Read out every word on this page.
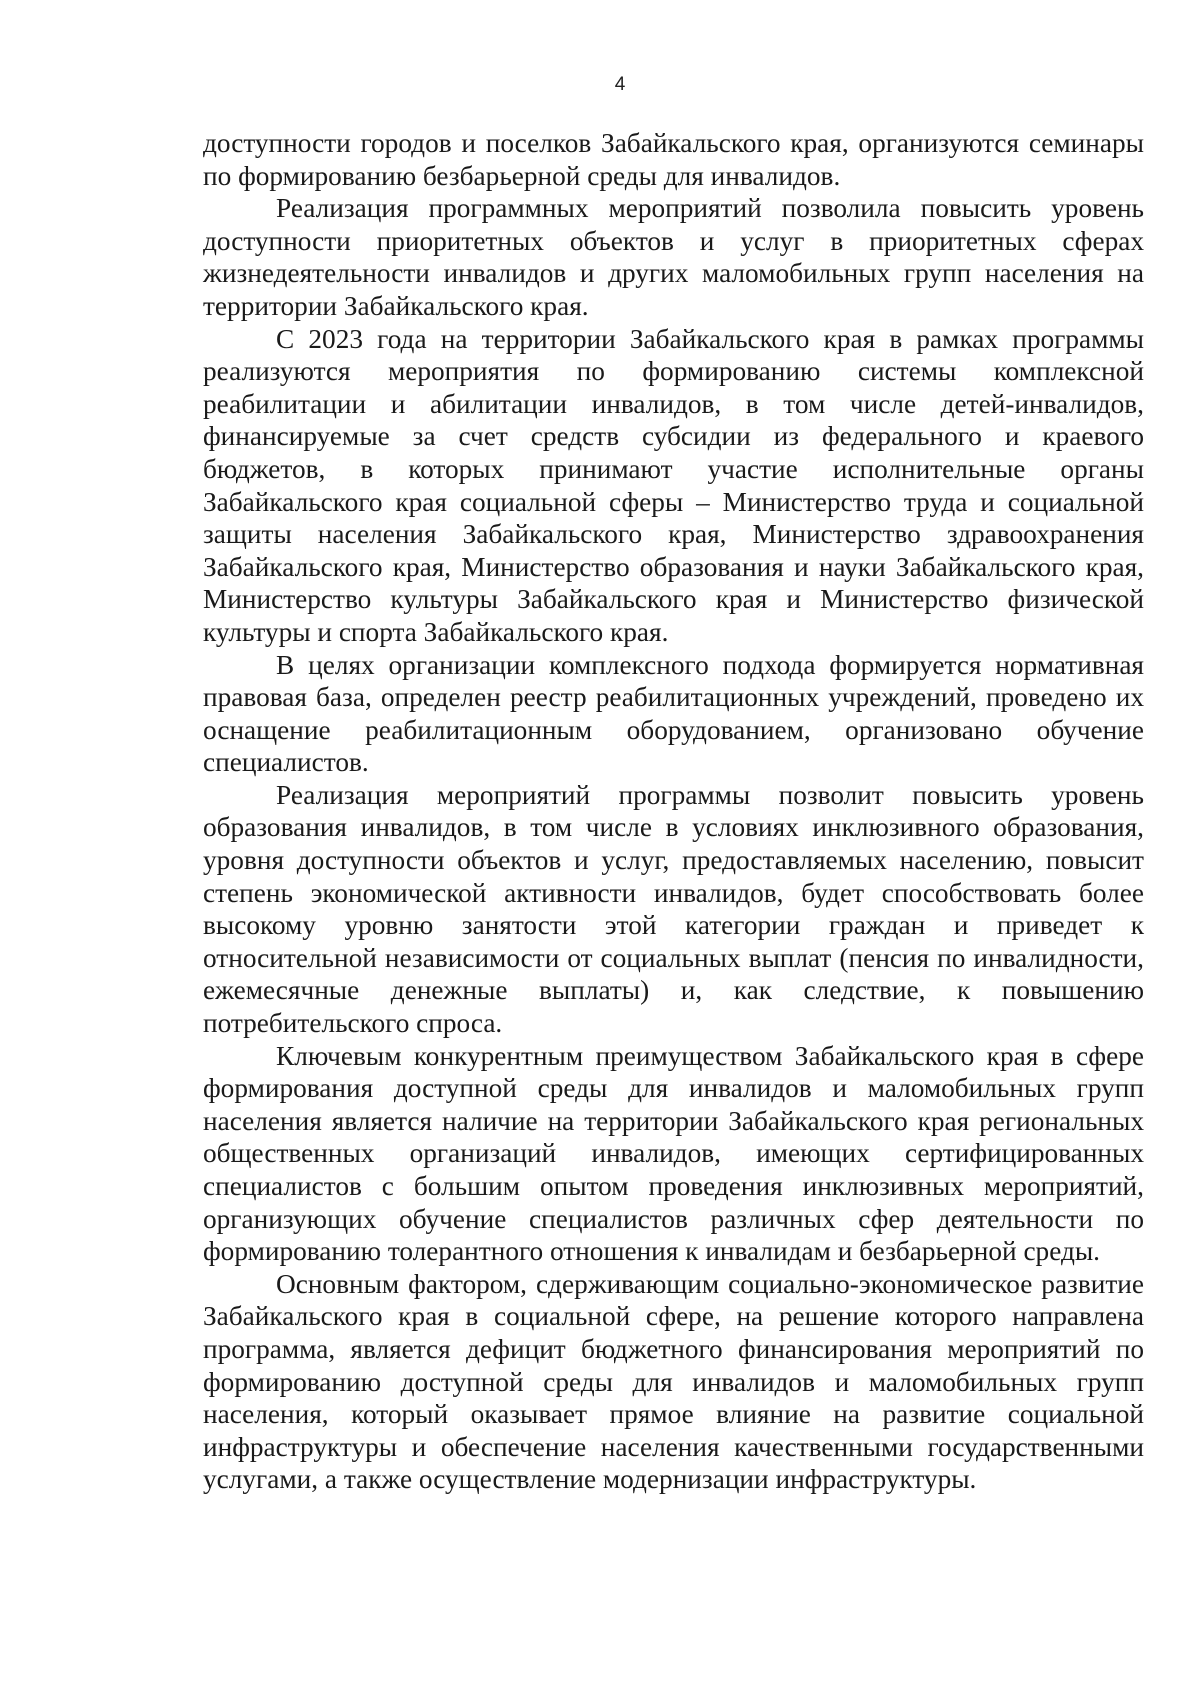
4

доступности городов и поселков Забайкальского края, организуются семинары по формированию безбарьерной среды для инвалидов.

Реализация программных мероприятий позволила повысить уровень доступности приоритетных объектов и услуг в приоритетных сферах жизнедеятельности инвалидов и других маломобильных групп населения на территории Забайкальского края.

С 2023 года на территории Забайкальского края в рамках программы реализуются мероприятия по формированию системы комплексной реабилитации и абилитации инвалидов, в том числе детей-инвалидов, финансируемые за счет средств субсидии из федерального и краевого бюджетов, в которых принимают участие исполнительные органы Забайкальского края социальной сферы – Министерство труда и социальной защиты населения Забайкальского края, Министерство здравоохранения Забайкальского края, Министерство образования и науки Забайкальского края, Министерство культуры Забайкальского края и Министерство физической культуры и спорта Забайкальского края.

В целях организации комплексного подхода формируется нормативная правовая база, определен реестр реабилитационных учреждений, проведено их оснащение реабилитационным оборудованием, организовано обучение специалистов.

Реализация мероприятий программы позволит повысить уровень образования инвалидов, в том числе в условиях инклюзивного образования, уровня доступности объектов и услуг, предоставляемых населению, повысит степень экономической активности инвалидов, будет способствовать более высокому уровню занятости этой категории граждан и приведет к относительной независимости от социальных выплат (пенсия по инвалидности, ежемесячные денежные выплаты) и, как следствие, к повышению потребительского спроса.

Ключевым конкурентным преимуществом Забайкальского края в сфере формирования доступной среды для инвалидов и маломобильных групп населения является наличие на территории Забайкальского края региональных общественных организаций инвалидов, имеющих сертифицированных специалистов с большим опытом проведения инклюзивных мероприятий, организующих обучение специалистов различных сфер деятельности по формированию толерантного отношения к инвалидам и безбарьерной среды.

Основным фактором, сдерживающим социально-экономическое развитие Забайкальского края в социальной сфере, на решение которого направлена программа, является дефицит бюджетного финансирования мероприятий по формированию доступной среды для инвалидов и маломобильных групп населения, который оказывает прямое влияние на развитие социальной инфраструктуры и обеспечение населения качественными государственными услугами, а также осуществление модернизации инфраструктуры.
